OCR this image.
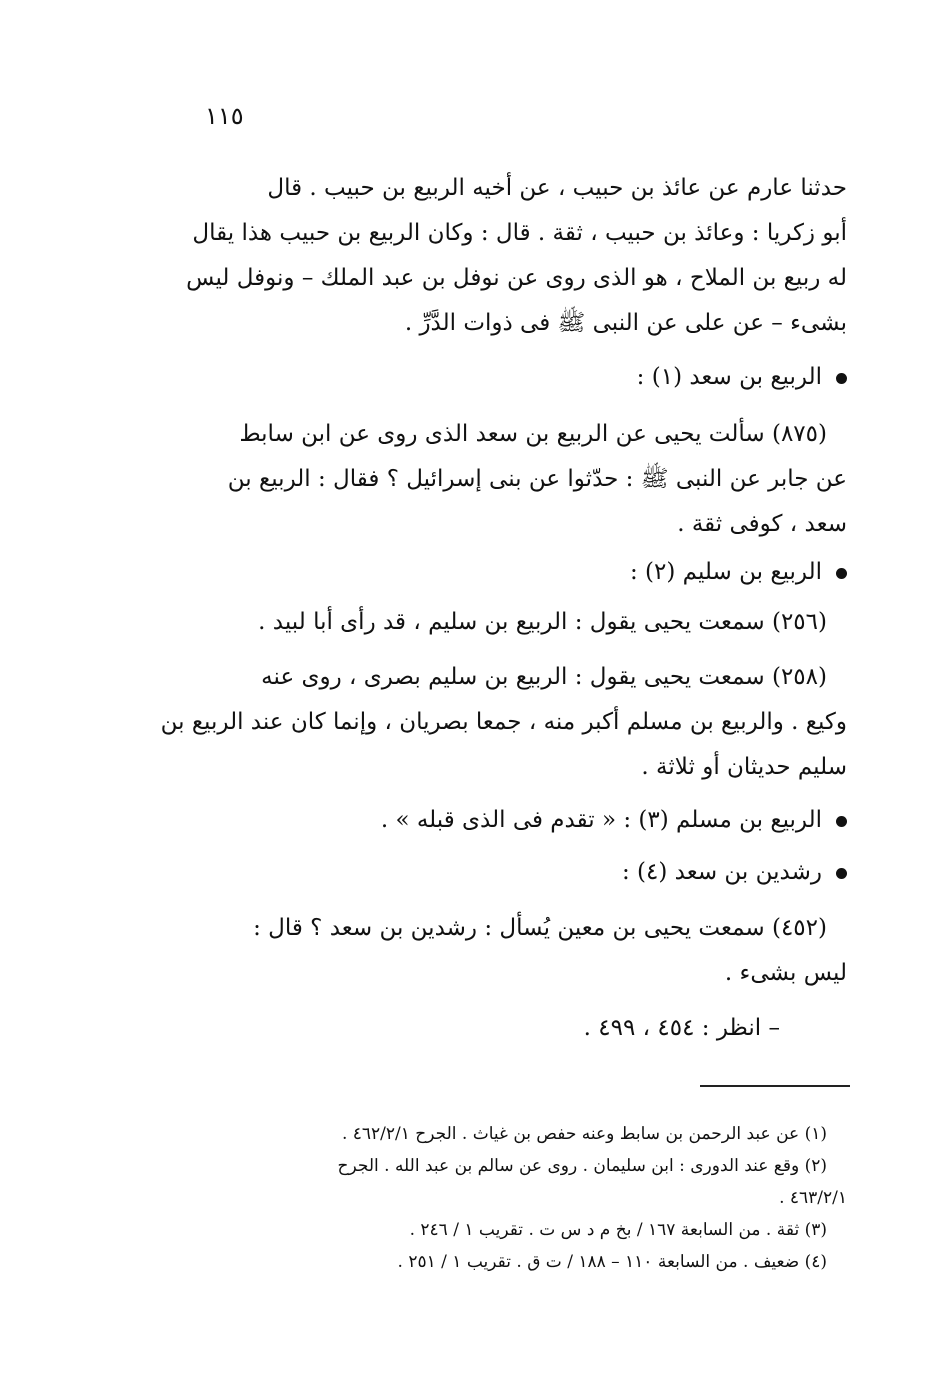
١١٥
حدثنا عارم عن عائذ بن حبيب ، عن أخيه الربيع بن حبيب . قال
أبو زكريا : وعائذ بن حبيب ، ثقة . قال : وكان الربيع بن حبيب هذا يقال
له ربيع بن الملاح ، هو الذى روى عن نوفل بن عبد الملك – ونوفل ليس
بشىء – عن على عن النبى ﷺ فى ذوات الدَّرِّ .
الربيع بن سعد (١) :
(٨٧٥) سألت يحيى عن الربيع بن سعد الذى روى عن ابن سابط
عن جابر عن النبى ﷺ : حدّثوا عن بنى إسرائيل ؟ فقال : الربيع بن
سعد ، كوفى ثقة .
الربيع بن سليم (٢) :
(٢٥٦) سمعت يحيى يقول : الربيع بن سليم ، قد رأى أبا لبيد .
(٢٥٨) سمعت يحيى يقول : الربيع بن سليم بصرى ، روى عنه
وكيع . والربيع بن مسلم أكبر منه ، جمعا بصريان ، وإنما كان عند الربيع بن
سليم حديثان أو ثلاثة .
الربيع بن مسلم (٣) : « تقدم فى الذى قبله » .
رشدين بن سعد (٤) :
(٤٥٢) سمعت يحيى بن معين يُسأل : رشدين بن سعد ؟ قال :
ليس بشىء .
– انظر : ٤٥٤ ، ٤٩٩ .
(١) عن عبد الرحمن بن سابط وعنه حفص بن غياث . الجرح ٤٦٢/٢/١ .
(٢) وقع عند الدورى : ابن سليمان . روى عن سالم بن عبد الله . الجرح
٤٦٣/٢/١ .
(٣) ثقة . من السابعة ١٦٧ / بخ م د س ت . تقريب ١ / ٢٤٦ .
(٤) ضعيف . من السابعة ١١٠ – ١٨٨ / ت ق . تقريب ١ / ٢٥١ .
